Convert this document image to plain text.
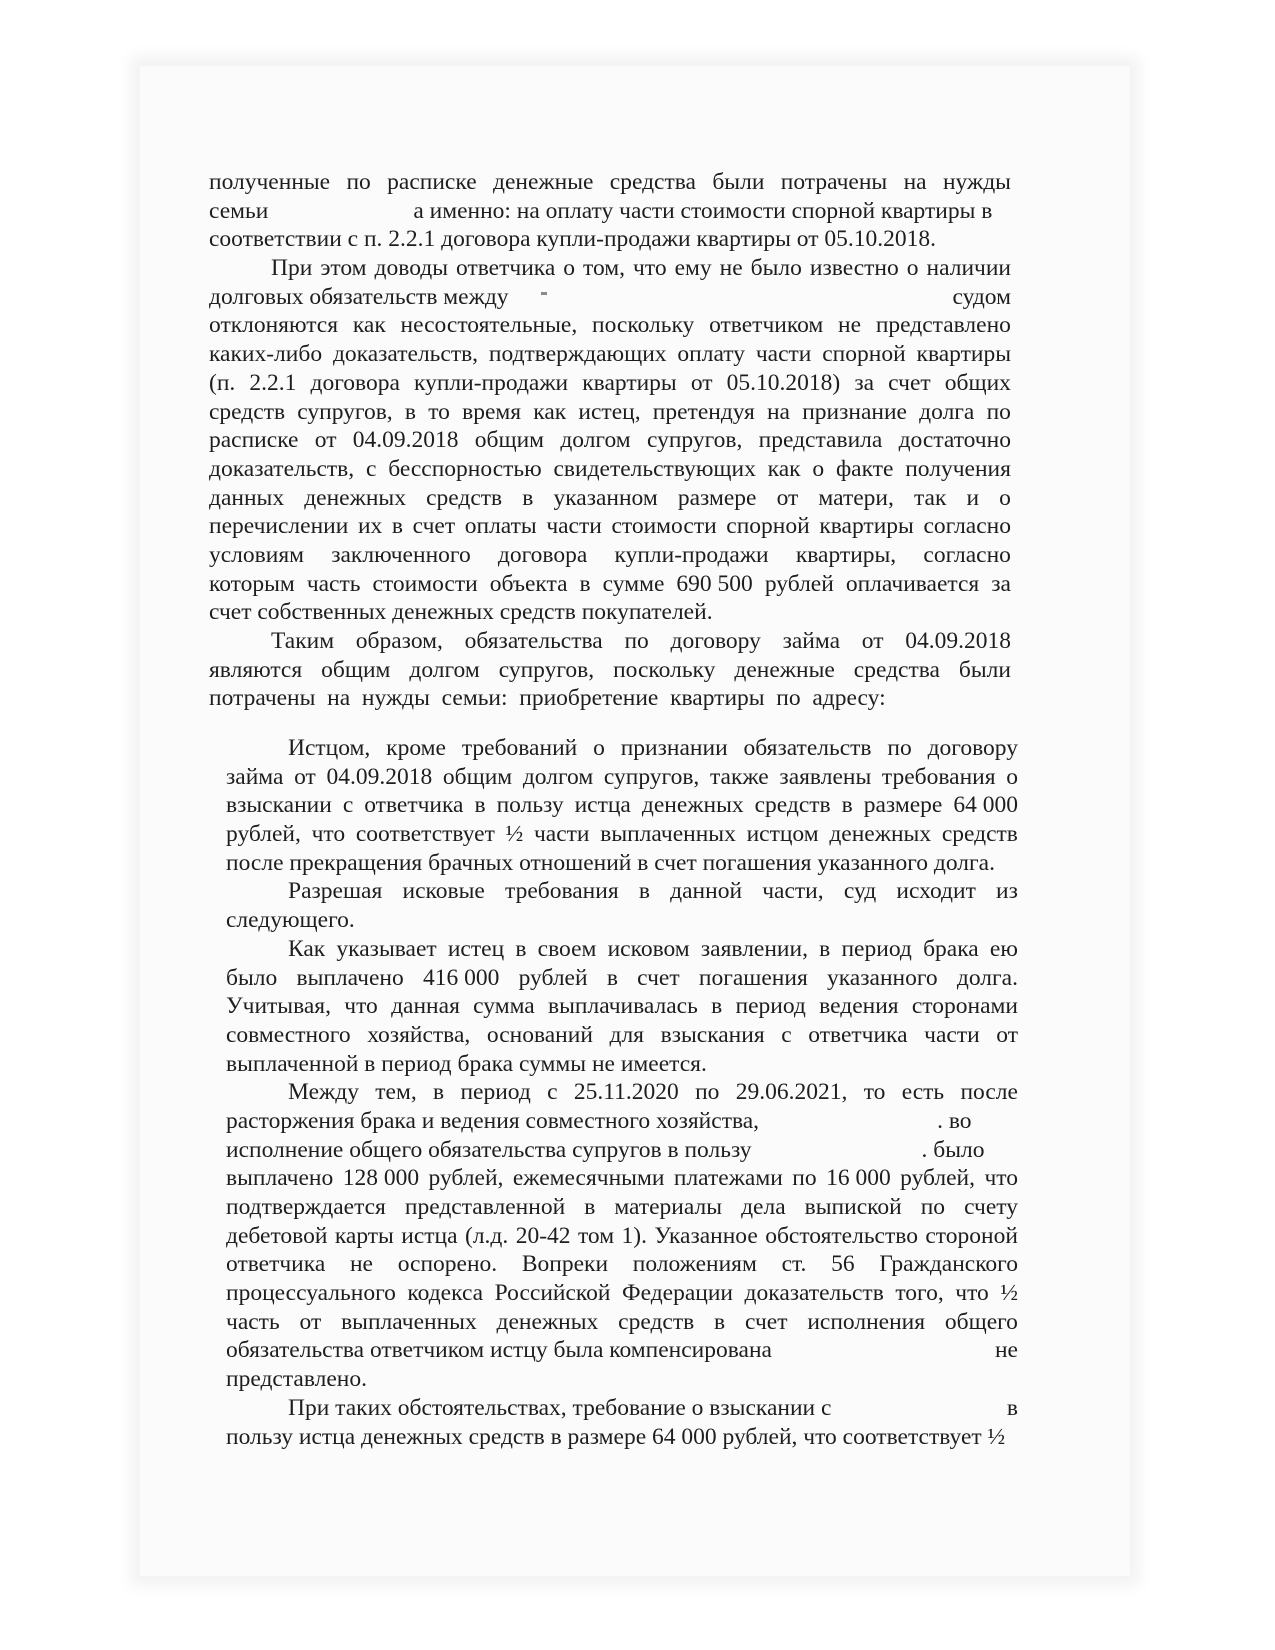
полученные по расписке денежные средства были потрачены на нужды
семьи	а именно: на оплату части стоимости спорной квартиры в
соответствии с п. 2.2.1 договора купли-продажи квартиры от 05.10.2018.
При этом доводы ответчика о том, что ему не было известно о наличии
долговых обязательств между	судом
отклоняются как несостоятельные, поскольку ответчиком не представлено
каких-либо доказательств, подтверждающих оплату части спорной квартиры
(п. 2.2.1 договора купли-продажи квартиры от 05.10.2018) за счет общих
средств супругов, в то время как истец, претендуя на признание долга по
расписке от 04.09.2018 общим долгом супругов, представила достаточно
доказательств, с бесспорностью свидетельствующих как о факте получения
данных денежных средств в указанном размере от матери, так и о
перечислении их в счет оплаты части стоимости спорной квартиры согласно
условиям заключенного договора купли-продажи квартиры, согласно
которым часть стоимости объекта в сумме 690 500 рублей оплачивается за
счет собственных денежных средств покупателей.
Таким образом, обязательства по договору займа от 04.09.2018
являются общим долгом супругов, поскольку денежные средства были
потрачены  на  нужды  семьи:  приобретение  квартиры  по  адресу:
Истцом, кроме требований о признании обязательств по договору
займа от 04.09.2018 общим долгом супругов, также заявлены требования о
взыскании с ответчика в пользу истца денежных средств в размере 64 000
рублей, что соответствует ½ части выплаченных истцом денежных средств
после прекращения брачных отношений в счет погашения указанного долга.
Разрешая исковые требования в данной части, суд исходит из
следующего.
Как указывает истец в своем исковом заявлении, в период брака ею
было выплачено 416 000 рублей в счет погашения указанного долга.
Учитывая, что данная сумма выплачивалась в период ведения сторонами
совместного хозяйства, оснований для взыскания с ответчика части от
выплаченной в период брака суммы не имеется.
Между тем, в период с 25.11.2020 по 29.06.2021, то есть после
расторжения брака и ведения совместного хозяйства,	. во
исполнение общего обязательства супругов в пользу	. было
выплачено 128 000 рублей, ежемесячными платежами по 16 000 рублей, что
подтверждается представленной в материалы дела выпиской по счету
дебетовой карты истца (л.д. 20-42 том 1). Указанное обстоятельство стороной
ответчика не оспорено. Вопреки положениям ст. 56 Гражданского
процессуального кодекса Российской Федерации доказательств того, что ½
часть от выплаченных денежных средств в счет исполнения общего
обязательства ответчиком истцу была компенсирована	не
представлено.
При таких обстоятельствах, требование о взыскании с	в
пользу истца денежных средств в размере 64 000 рублей, что соответствует ½
